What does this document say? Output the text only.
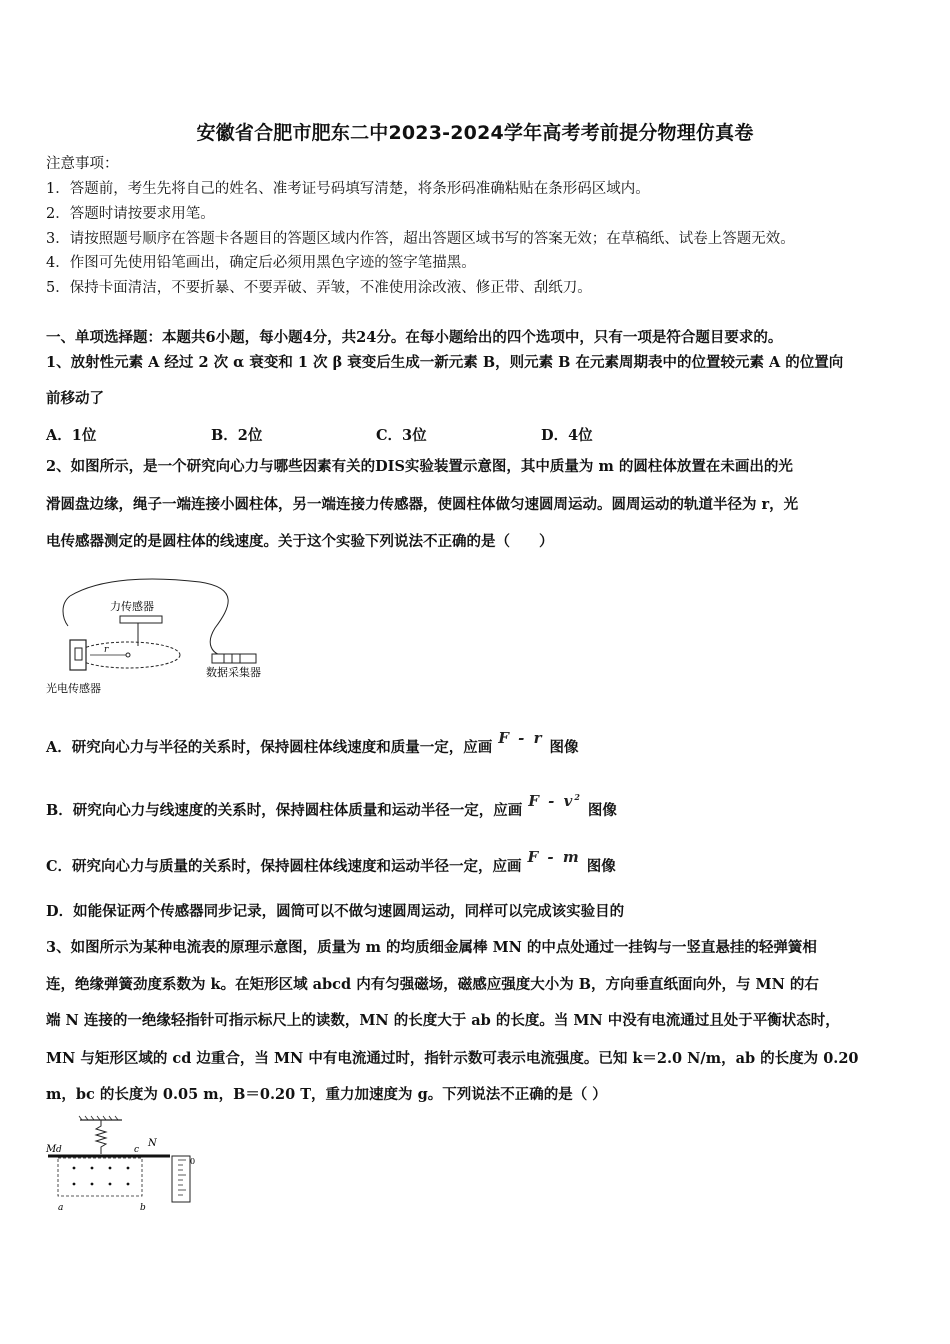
安徽省合肥市肥东二中2023-2024学年高考考前提分物理仿真卷
注意事项：
1．答题前，考生先将自己的姓名、准考证号码填写清楚，将条形码准确粘贴在条形码区域内。
2．答题时请按要求用笔。
3．请按照题号顺序在答题卡各题目的答题区域内作答，超出答题区域书写的答案无效；在草稿纸、试卷上答题无效。
4．作图可先使用铅笔画出，确定后必须用黑色字迹的签字笔描黑。
5．保持卡面清洁，不要折暴、不要弄破、弄皱，不准使用涂改液、修正带、刮纸刀。
一、单项选择题：本题共6小题，每小题4分，共24分。在每小题给出的四个选项中，只有一项是符合题目要求的。
1、放射性元素 A 经过 2 次 α 衰变和 1 次 β 衰变后生成一新元素 B，则元素 B 在元素周期表中的位置较元素 A 的位置向
前移动了
A．1位	B．2位	C．3位	D．4位
2、如图所示，是一个研究向心力与哪些因素有关的DIS实验装置示意图，其中质量为 m 的圆柱体放置在未画出的光
滑圆盘边缘，绳子一端连接小圆柱体，另一端连接力传感器，使圆柱体做匀速圆周运动。圆周运动的轨道半径为 r，光
电传感器测定的是圆柱体的线速度。关于这个实验下列说法不正确的是（　　）
力传感器
r
数据采集器
光电传感器
A．研究向心力与半径的关系时，保持圆柱体线速度和质量一定，应画F - r图像
B．研究向心力与线速度的关系时，保持圆柱体质量和运动半径一定，应画F - $v^2$图像
C．研究向心力与质量的关系时，保持圆柱体线速度和运动半径一定，应画F - m图像
D．如能保证两个传感器同步记录，圆筒可以不做匀速圆周运动，同样可以完成该实验目的
3、如图所示为某种电流表的原理示意图，质量为 m 的均质细金属棒 MN 的中点处通过一挂钩与一竖直悬挂的轻弹簧相
连，绝缘弹簧劲度系数为 k。在矩形区域 abcd 内有匀强磁场，磁感应强度大小为 B，方向垂直纸面向外，与 MN 的右
端 N 连接的一绝缘轻指针可指示标尺上的读数，MN 的长度大于 ab 的长度。当 MN 中没有电流通过且处于平衡状态时，
MN 与矩形区域的 cd 边重合，当 MN 中有电流通过时，指针示数可表示电流强度。已知 k＝2.0 N/m，ab 的长度为 0.20
m，bc 的长度为 0.05 m，B＝0.20 T，重力加速度为 g。下列说法不正确的是（ ）
M d	c
N
a	b
0
